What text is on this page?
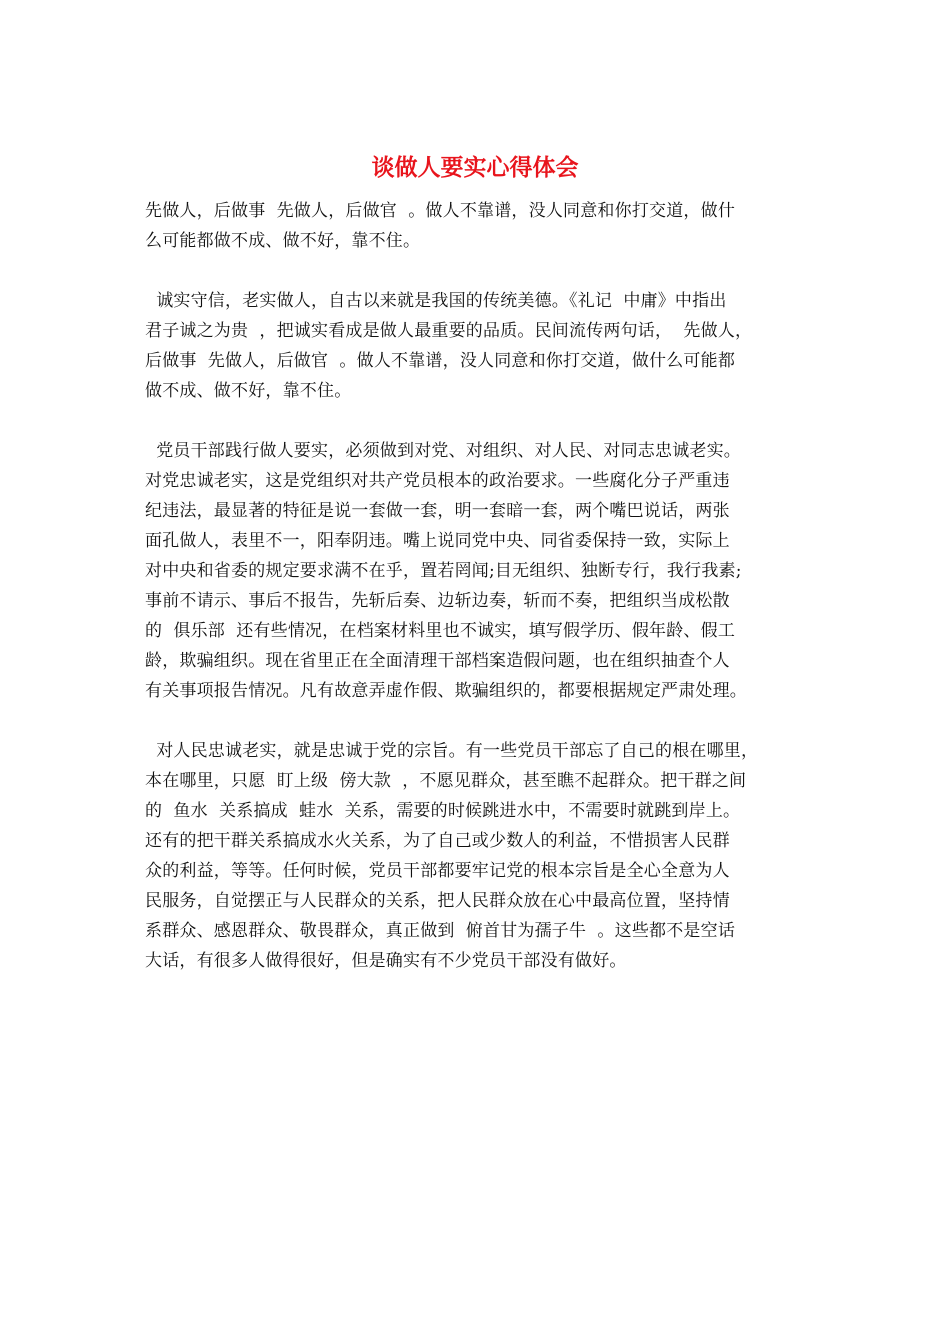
谈做人要实心得体会
先做人，后做事  先做人，后做官  。做人不靠谱，没人同意和你打交道，做什
么可能都做不成、做不好，靠不住。
诚实守信，老实做人，自古以来就是我国的传统美德。《礼记  中庸》中指出
君子诚之为贵  ，把诚实看成是做人最重要的品质。民间流传两句话，  先做人，
后做事  先做人，后做官  。做人不靠谱，没人同意和你打交道，做什么可能都
做不成、做不好，靠不住。
党员干部践行做人要实，必须做到对党、对组织、对人民、对同志忠诚老实。
对党忠诚老实，这是党组织对共产党员根本的政治要求。一些腐化分子严重违
纪违法，最显著的特征是说一套做一套，明一套暗一套，两个嘴巴说话，两张
面孔做人，表里不一，阳奉阴违。嘴上说同党中央、同省委保持一致，实际上
对中央和省委的规定要求满不在乎，置若罔闻;目无组织、独断专行，我行我素;
事前不请示、事后不报告，先斩后奏、边斩边奏，斩而不奏，把组织当成松散
的  俱乐部  还有些情况，在档案材料里也不诚实，填写假学历、假年龄、假工
龄，欺骗组织。现在省里正在全面清理干部档案造假问题，也在组织抽查个人
有关事项报告情况。凡有故意弄虚作假、欺骗组织的，都要根据规定严肃处理。
对人民忠诚老实，就是忠诚于党的宗旨。有一些党员干部忘了自己的根在哪里，
本在哪里，只愿  盯上级  傍大款  ，不愿见群众，甚至瞧不起群众。把干群之间
的  鱼水  关系搞成  蛙水  关系，需要的时候跳进水中，不需要时就跳到岸上。
还有的把干群关系搞成水火关系，为了自己或少数人的利益，不惜损害人民群
众的利益，等等。任何时候，党员干部都要牢记党的根本宗旨是全心全意为人
民服务，自觉摆正与人民群众的关系，把人民群众放在心中最高位置，坚持情
系群众、感恩群众、敬畏群众，真正做到  俯首甘为孺子牛  。这些都不是空话
大话，有很多人做得很好，但是确实有不少党员干部没有做好。
